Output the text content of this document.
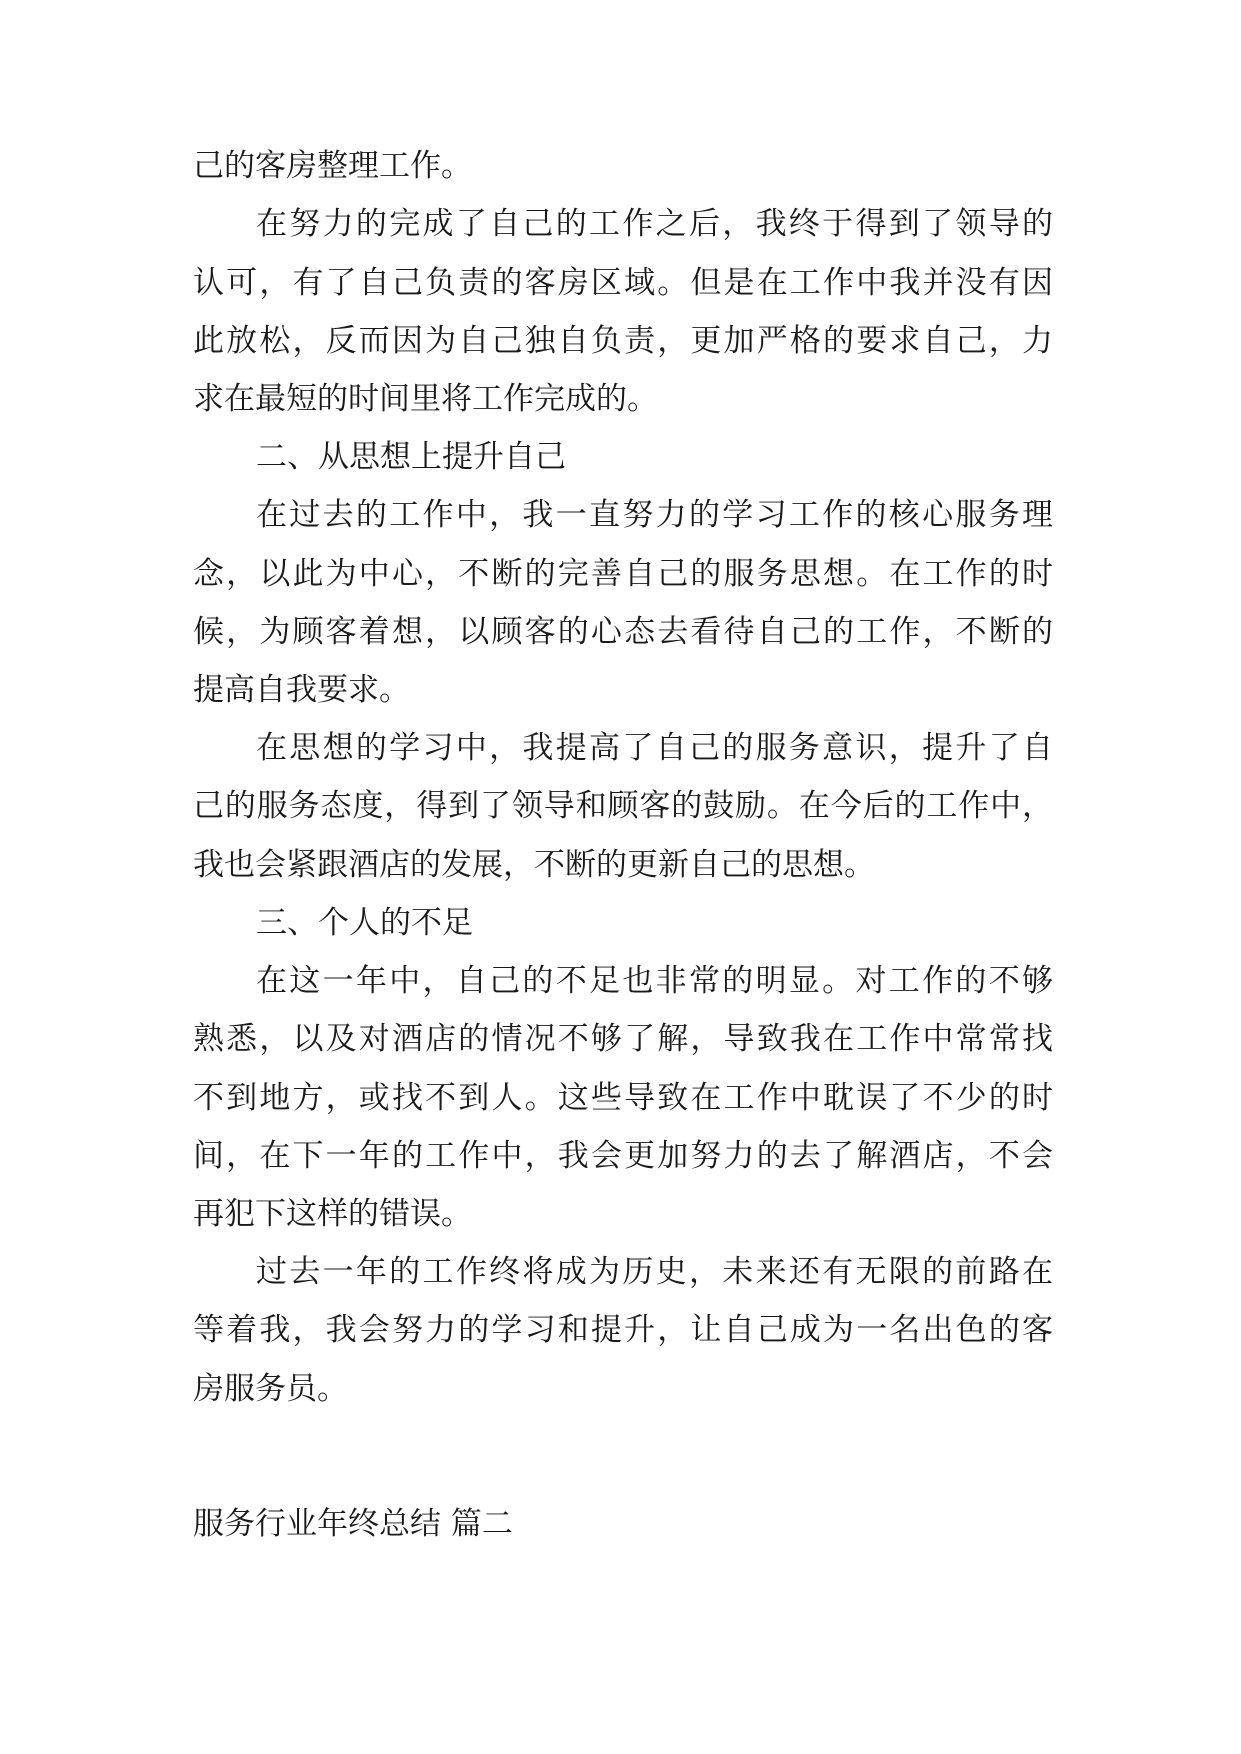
己的客房整理工作。
在努力的完成了自己的工作之后，我终于得到了领导的
认可，有了自己负责的客房区域。但是在工作中我并没有因
此放松，反而因为自己独自负责，更加严格的要求自己，力
求在最短的时间里将工作完成的。
二、从思想上提升自己
在过去的工作中，我一直努力的学习工作的核心服务理
念，以此为中心，不断的完善自己的服务思想。在工作的时
候，为顾客着想，以顾客的心态去看待自己的工作，不断的
提高自我要求。
在思想的学习中，我提高了自己的服务意识，提升了自
己的服务态度，得到了领导和顾客的鼓励。在今后的工作中，
我也会紧跟酒店的发展，不断的更新自己的思想。
三、个人的不足
在这一年中，自己的不足也非常的明显。对工作的不够
熟悉，以及对酒店的情况不够了解，导致我在工作中常常找
不到地方，或找不到人。这些导致在工作中耽误了不少的时
间，在下一年的工作中，我会更加努力的去了解酒店，不会
再犯下这样的错误。
过去一年的工作终将成为历史，未来还有无限的前路在
等着我，我会努力的学习和提升，让自己成为一名出色的客
房服务员。
服务行业年终总结 篇二
